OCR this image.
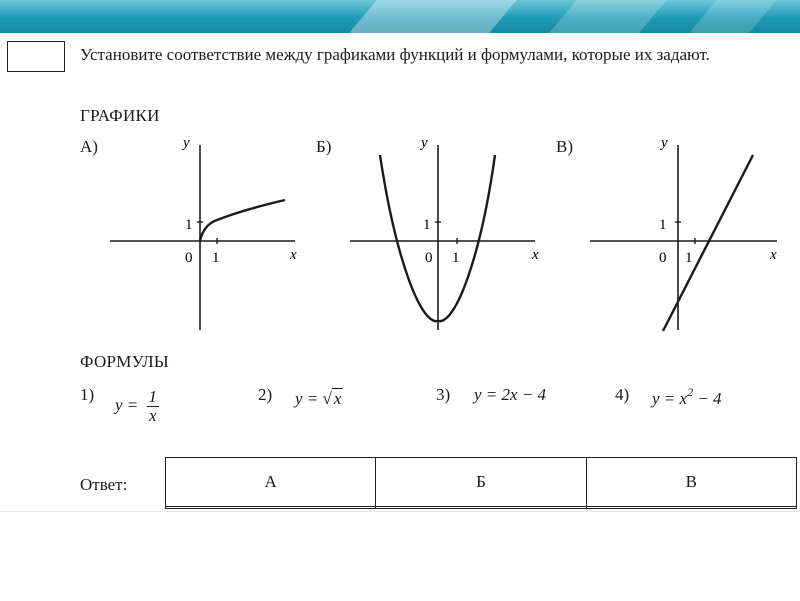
Установите соответствие между графиками функций и формулами, которые их задают.
ГРАФИКИ
А)	Б)	В)
y
x
1
0 1
y
x
1
0 1
y
x
1
0 1
ФОРМУЛЫ
1)
$y = \frac{1}{x}$	2) y = √ x	3) y = 2x − 4	4) $y = x^2 - 4$
Ответ:	А	Б	В
